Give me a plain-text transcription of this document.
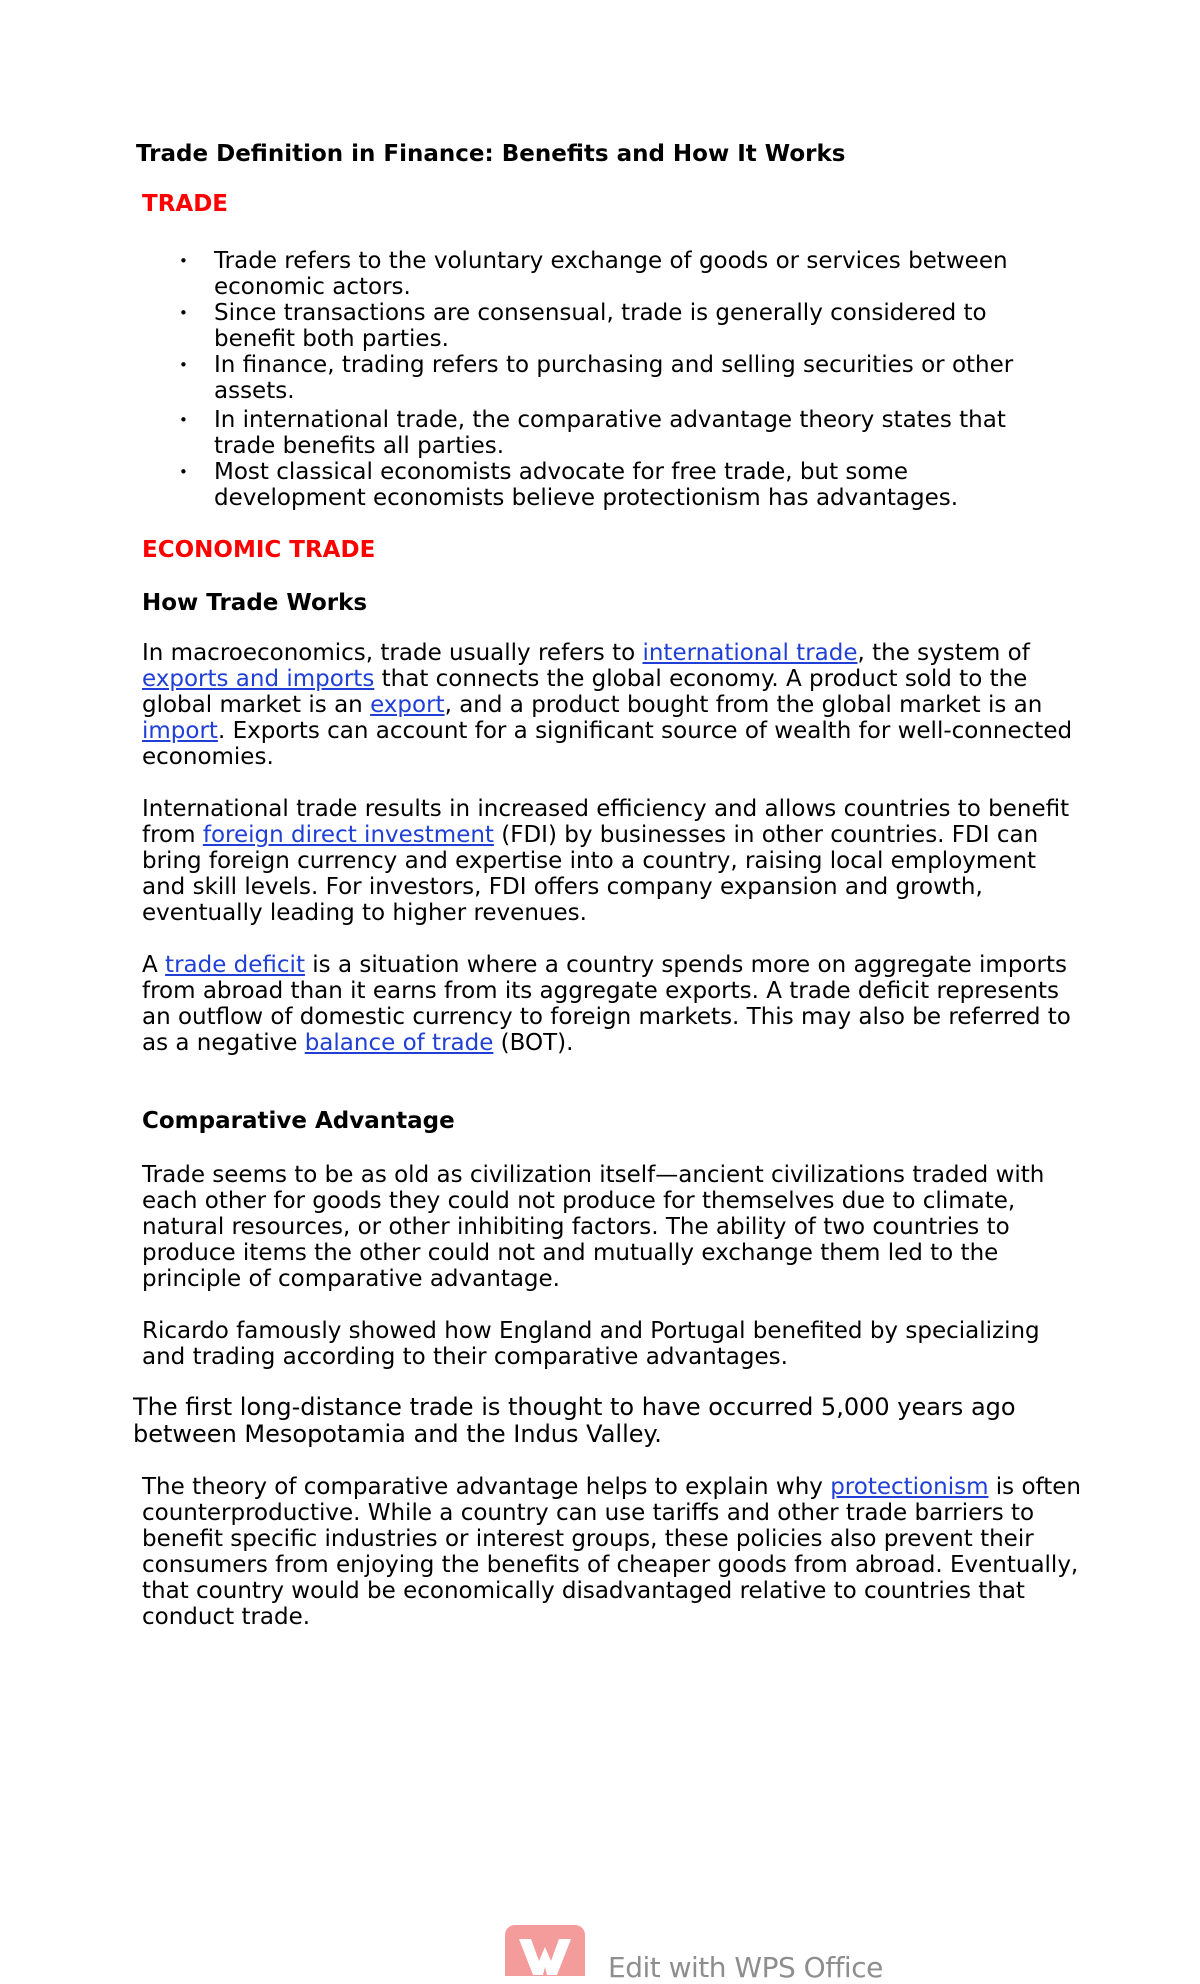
Trade Definition in Finance: Benefits and How It Works
TRADE
• Trade refers to the voluntary exchange of goods or services between economic actors.
• Since transactions are consensual, trade is generally considered to benefit both parties.
• In finance, trading refers to purchasing and selling securities or other assets.
• In international trade, the comparative advantage theory states that trade benefits all parties.
• Most classical economists advocate for free trade, but some development economists believe protectionism has advantages.
ECONOMIC TRADE
How Trade Works

In macroeconomics, trade usually refers to international trade, the system of exports and imports that connects the global economy. A product sold to the global market is an export, and a product bought from the global market is an import. Exports can account for a significant source of wealth for well-connected economies.

International trade results in increased efficiency and allows countries to benefit from foreign direct investment (FDI) by businesses in other countries. FDI can bring foreign currency and expertise into a country, raising local employment and skill levels. For investors, FDI offers company expansion and growth, eventually leading to higher revenues.

A trade deficit is a situation where a country spends more on aggregate imports from abroad than it earns from its aggregate exports. A trade deficit represents an outflow of domestic currency to foreign markets. This may also be referred to as a negative balance of trade (BOT).

Comparative Advantage

Trade seems to be as old as civilization itself—ancient civilizations traded with each other for goods they could not produce for themselves due to climate, natural resources, or other inhibiting factors. The ability of two countries to produce items the other could not and mutually exchange them led to the principle of comparative advantage.

Ricardo famously showed how England and Portugal benefited by specializing and trading according to their comparative advantages.

The first long-distance trade is thought to have occurred 5,000 years ago between Mesopotamia and the Indus Valley.

The theory of comparative advantage helps to explain why protectionism is often counterproductive. While a country can use tariffs and other trade barriers to benefit specific industries or interest groups, these policies also prevent their consumers from enjoying the benefits of cheaper goods from abroad. Eventually, that country would be economically disadvantaged relative to countries that conduct trade.

Edit with WPS Office
